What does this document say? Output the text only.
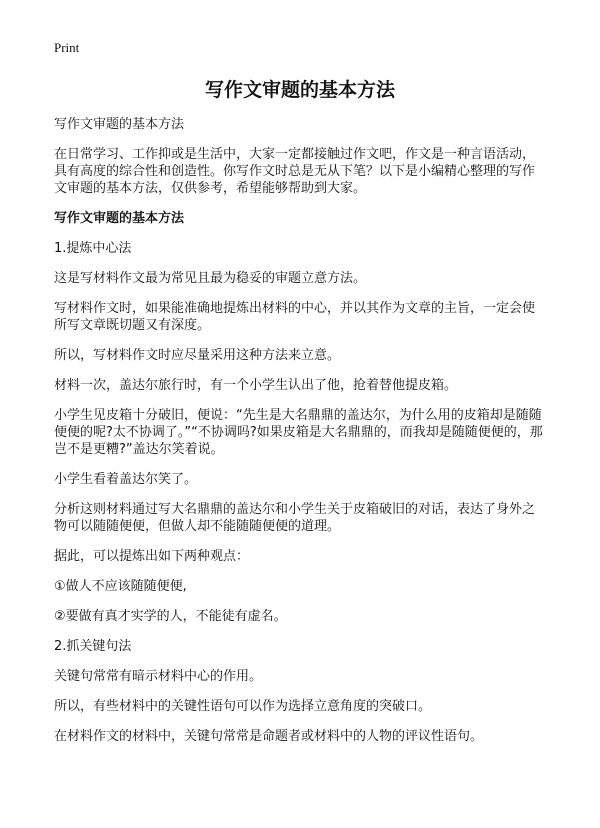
Print
写作文审题的基本方法
写作文审题的基本方法

在日常学习、工作抑或是生活中，大家一定都接触过作文吧，作文是一种言语活动，具有高度的综合性和创造性。你写作文时总是无从下笔？以下是小编精心整理的写作文审题的基本方法，仅供参考，希望能够帮助到大家。

写作文审题的基本方法

1.提炼中心法

这是写材料作文最为常见且最为稳妥的审题立意方法。

写材料作文时，如果能准确地提炼出材料的中心，并以其作为文章的主旨，一定会使所写文章既切题又有深度。

所以，写材料作文时应尽量采用这种方法来立意。

材料一次，盖达尔旅行时，有一个小学生认出了他，抢着替他提皮箱。

小学生见皮箱十分破旧，便说：“先生是大名鼎鼎的盖达尔，为什么用的皮箱却是随随便便的呢?太不协调了。”“不协调吗?如果皮箱是大名鼎鼎的，而我却是随随便便的，那岂不是更糟?”盖达尔笑着说。

小学生看着盖达尔笑了。

分析这则材料通过写大名鼎鼎的盖达尔和小学生关于皮箱破旧的对话，表达了身外之物可以随随便便，但做人却不能随随便便的道理。

据此，可以提炼出如下两种观点：

①做人不应该随随便便,

②要做有真才实学的人，不能徒有虚名。

2.抓关键句法

关键句常常有暗示材料中心的作用。

所以，有些材料中的关键性语句可以作为选择立意角度的突破口。

在材料作文的材料中，关键句常常是命题者或材料中的人物的评议性语句。
